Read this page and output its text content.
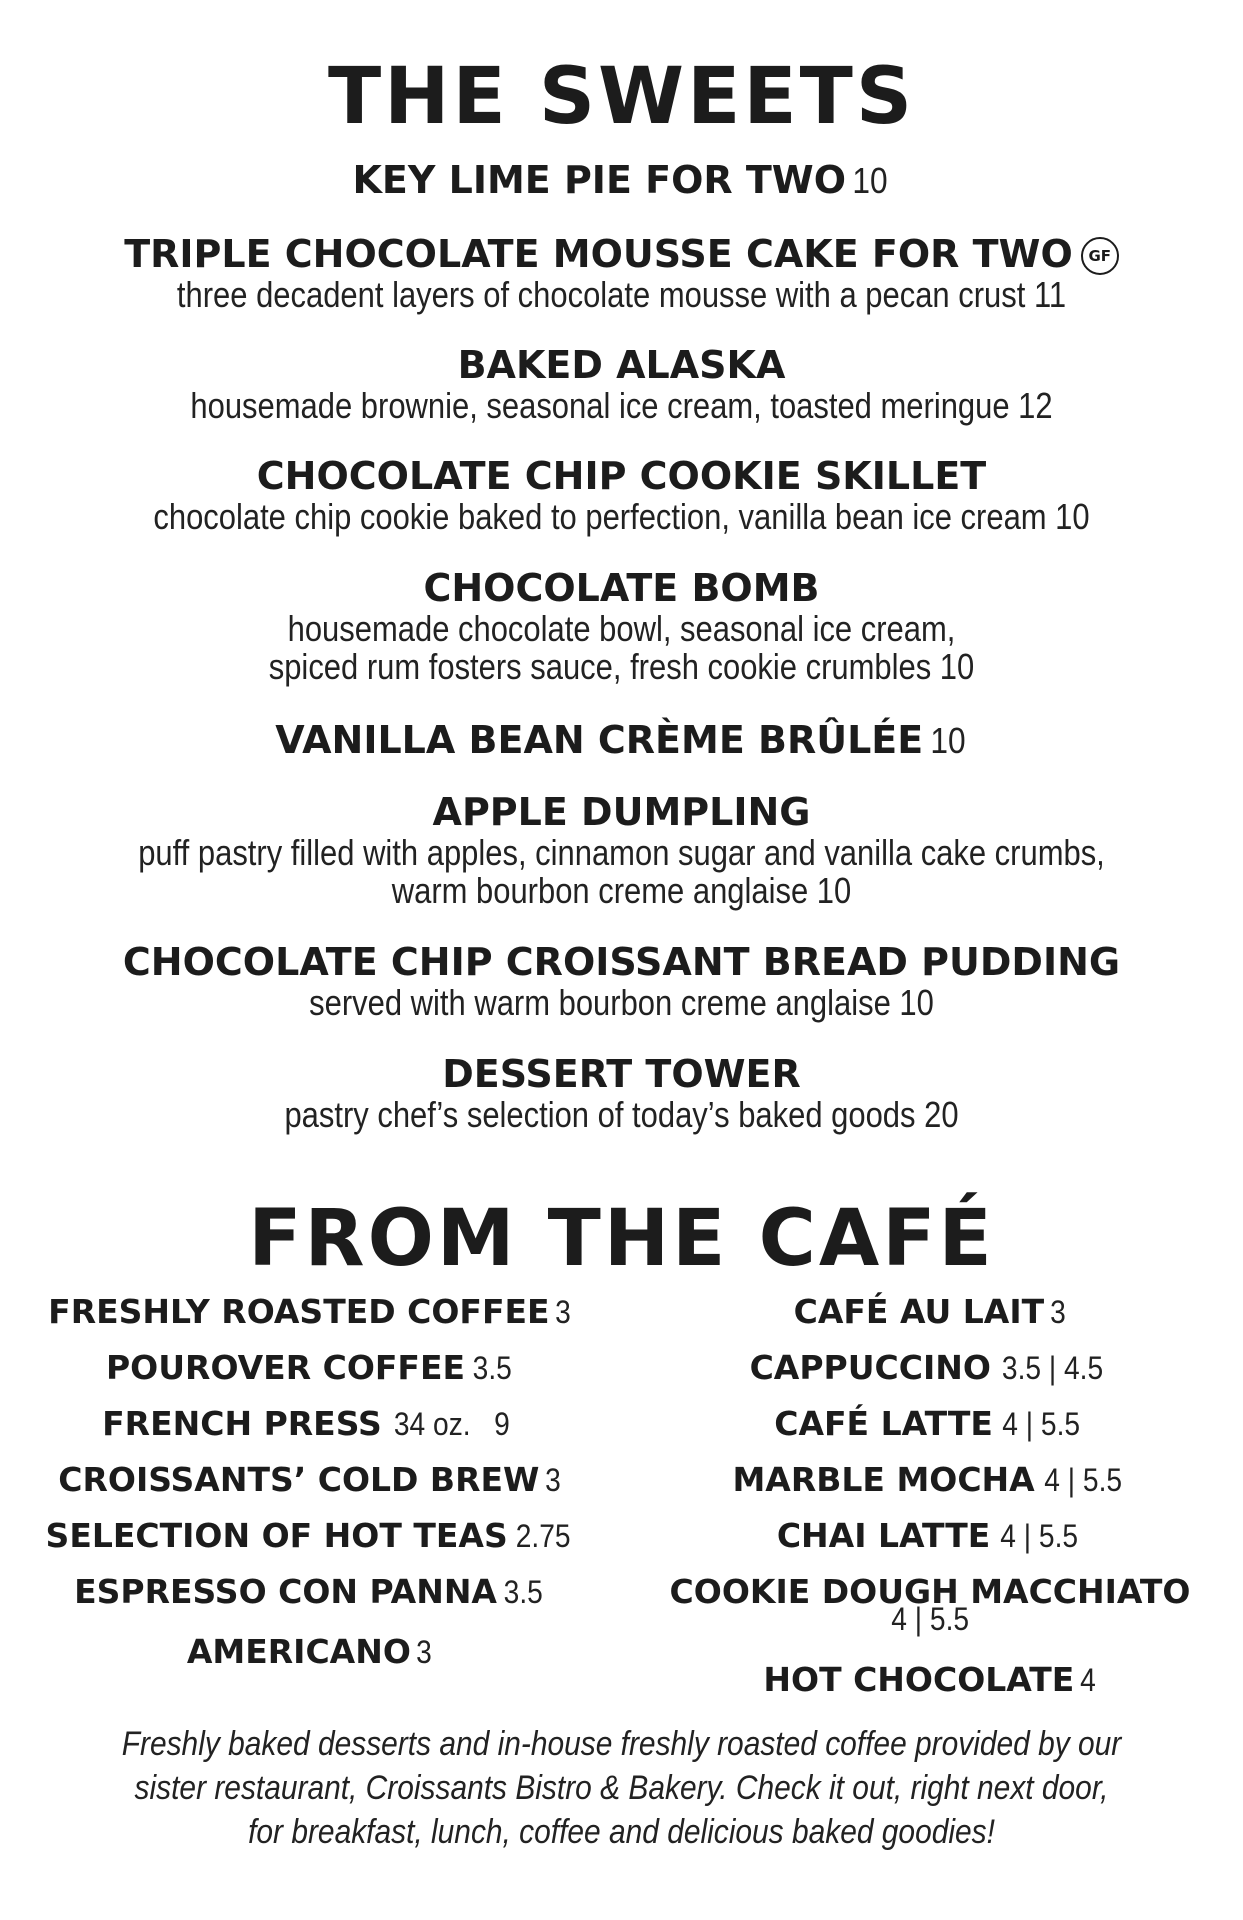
THE SWEETS
KEY LIME PIE FOR TWO 10
TRIPLE CHOCOLATE MOUSSE CAKE FOR TWO GF
three decadent layers of chocolate mousse with a pecan crust 11
BAKED ALASKA
housemade brownie, seasonal ice cream, toasted meringue 12
CHOCOLATE CHIP COOKIE SKILLET
chocolate chip cookie baked to perfection, vanilla bean ice cream 10
CHOCOLATE BOMB
housemade chocolate bowl, seasonal ice cream,
spiced rum fosters sauce, fresh cookie crumbles 10
VANILLA BEAN CRÈME BRÛLÉE 10
APPLE DUMPLING
puff pastry filled with apples, cinnamon sugar and vanilla cake crumbs,
warm bourbon creme anglaise 10
CHOCOLATE CHIP CROISSANT BREAD PUDDING
served with warm bourbon creme anglaise 10
DESSERT TOWER
pastry chef’s selection of today’s baked goods 20
FROM THE CAFÉ
FRESHLY ROASTED COFFEE 3
POUROVER COFFEE 3.5
FRENCH PRESS 34 oz.   9
CROISSANTS’ COLD BREW 3
SELECTION OF HOT TEAS 2.75
ESPRESSO CON PANNA 3.5
AMERICANO 3
CAFÉ AU LAIT 3
CAPPUCCINO 3.5 | 4.5
CAFÉ LATTE 4 | 5.5
MARBLE MOCHA 4 | 5.5
CHAI LATTE 4 | 5.5
COOKIE DOUGH MACCHIATO
4 | 5.5
HOT CHOCOLATE 4
Freshly baked desserts and in-house freshly roasted coffee provided by our
sister restaurant, Croissants Bistro & Bakery. Check it out, right next door,
for breakfast, lunch, coffee and delicious baked goodies!
